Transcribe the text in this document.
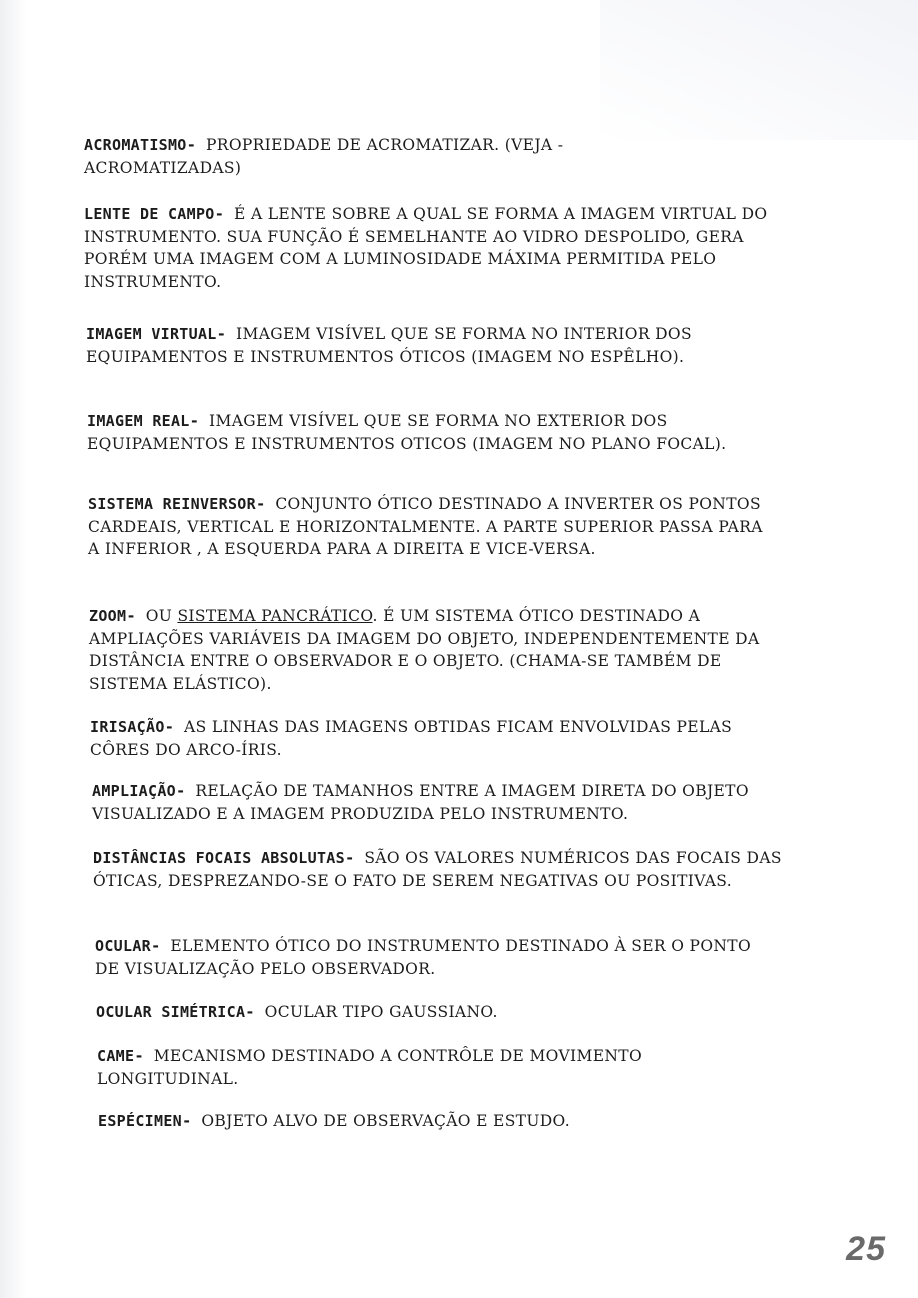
ACROMATISMO- PROPRIEDADE DE ACROMATIZAR. (VEJA - ACROMATIZADAS)
LENTE DE CAMPO- É A LENTE SOBRE A QUAL SE FORMA A IMAGEM VIRTUAL DO INSTRUMENTO. SUA FUNÇÃO É SEMELHANTE AO VIDRO DESPOLIDO, GERA PORÉM UMA IMAGEM COM A LUMINOSIDADE MÁXIMA PERMITIDA PELO INSTRUMENTO.
IMAGEM VIRTUAL- IMAGEM VISÍVEL QUE SE FORMA NO INTERIOR DOS EQUIPAMENTOS E INSTRUMENTOS ÓTICOS (IMAGEM NO ESPÊLHO).
IMAGEM REAL- IMAGEM VISÍVEL QUE SE FORMA NO EXTERIOR DOS EQUIPAMENTOS E INSTRUMENTOS OTICOS (IMAGEM NO PLANO FOCAL).
SISTEMA REINVERSOR- CONJUNTO ÓTICO DESTINADO A INVERTER OS PONTOS CARDEAIS, VERTICAL E HORIZONTALMENTE. A PARTE SUPERIOR PASSA PARA A INFERIOR , A ESQUERDA PARA A DIREITA E VICE-VERSA.
ZOOM- OU SISTEMA PANCRÁTICO. É UM SISTEMA ÓTICO DESTINADO A AMPLIAÇÕES VARIÁVEIS DA IMAGEM DO OBJETO, INDEPENDENTEMENTE DA DISTÂNCIA ENTRE O OBSERVADOR E O OBJETO. (CHAMA-SE TAMBÉM DE SISTEMA ELÁSTICO).
IRISAÇÃO- AS LINHAS DAS IMAGENS OBTIDAS FICAM ENVOLVIDAS PELAS CÔRES DO ARCO-ÍRIS.
AMPLIAÇÃO- RELAÇÃO DE TAMANHOS ENTRE A IMAGEM DIRETA DO OBJETO VISUALIZADO E A IMAGEM PRODUZIDA PELO INSTRUMENTO.
DISTÂNCIAS FOCAIS ABSOLUTAS- SÃO OS VALORES NUMÉRICOS DAS FOCAIS DAS ÓTICAS, DESPREZANDO-SE O FATO DE SEREM NEGATIVAS OU POSITIVAS.
OCULAR- ELEMENTO ÓTICO DO INSTRUMENTO DESTINADO À SER O PONTO DE VISUALIZAÇÃO PELO OBSERVADOR.
OCULAR SIMÉTRICA- OCULAR TIPO GAUSSIANO.
CAME- MECANISMO DESTINADO A CONTRÔLE DE MOVIMENTO LONGITUDINAL.
ESPÉCIMEN- OBJETO ALVO DE OBSERVAÇÃO E ESTUDO.
25
